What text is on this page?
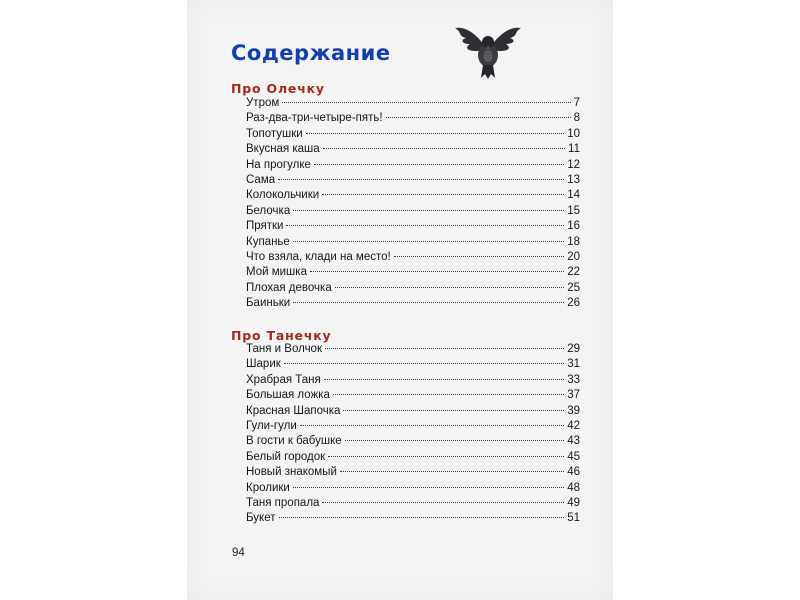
Содержание
Про Олечку
Утром	7
Раз-два-три-четыре-пять!	8
Топотушки	10
Вкусная каша	11
На прогулке	12
Сама	13
Колокольчики	14
Белочка	15
Прятки	16
Купанье	18
Что взяла, клади на место!	20
Мой мишка	22
Плохая девочка	25
Баиньки	26
Про Танечку
Таня и Волчок	29
Шарик	31
Храбрая Таня	33
Большая ложка	37
Красная Шапочка	39
Гули-гули	42
В гости к бабушке	43
Белый городок	45
Новый знакомый	46
Кролики	48
Таня пропала	49
Букет	51
94
